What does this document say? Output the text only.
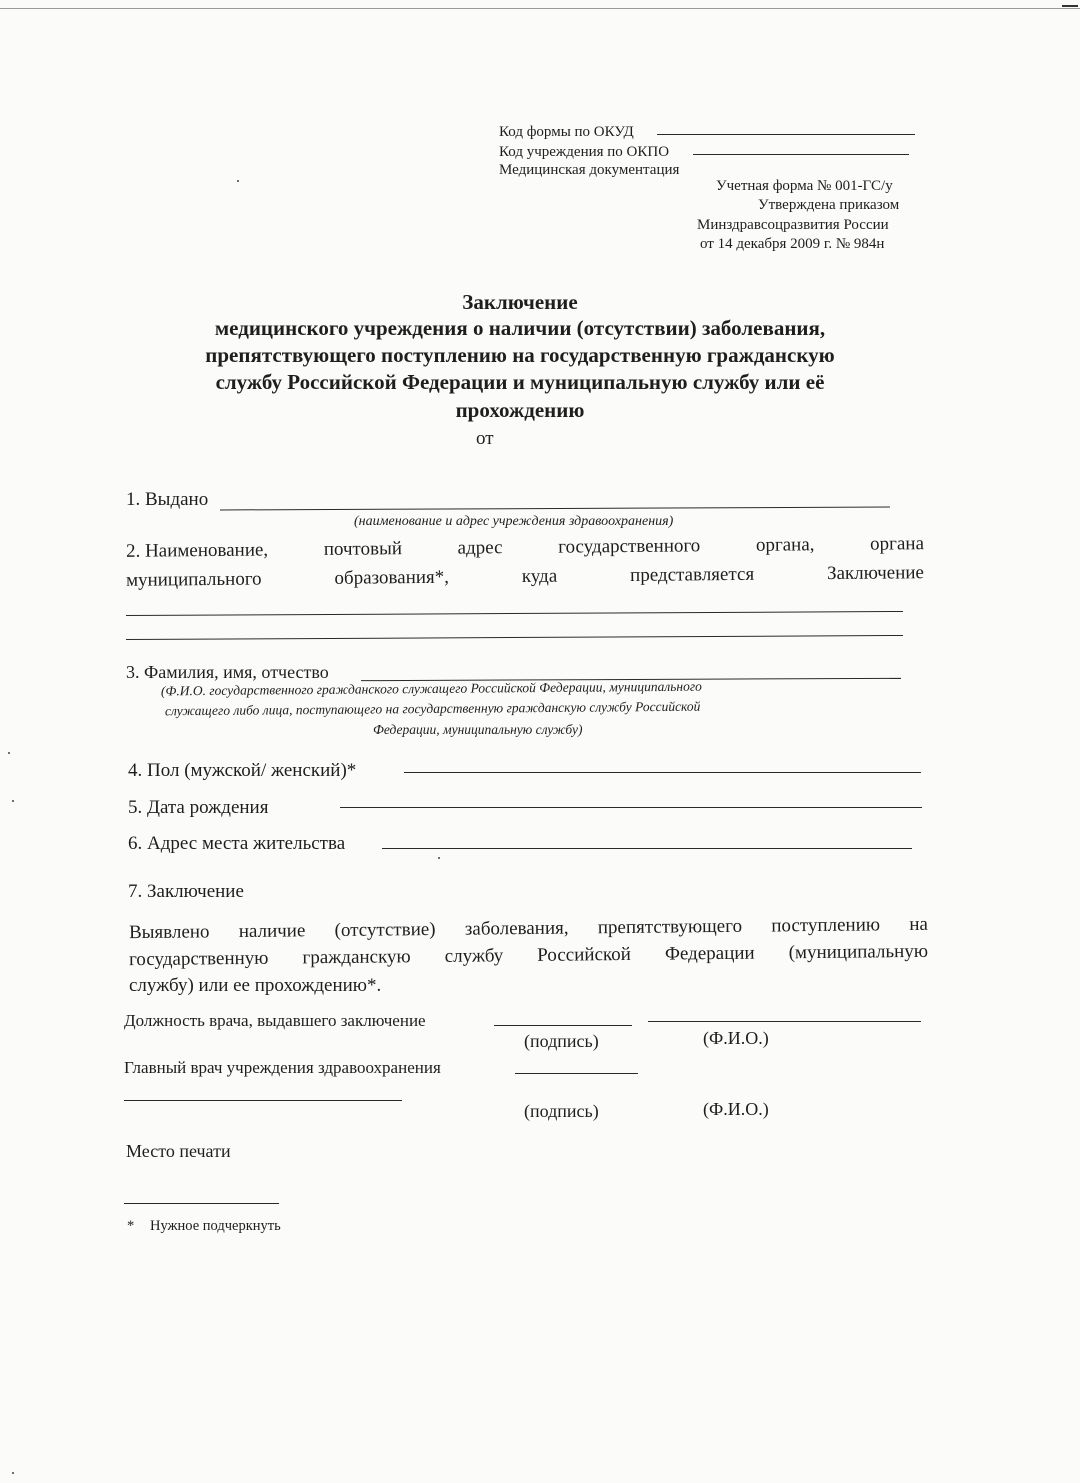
Код формы по ОКУД
Код учреждения по ОКПО
Медицинская документация
Учетная форма № 001-ГС/у
Утверждена приказом
Минздравсоцразвития России
от 14 декабря 2009 г. № 984н
Заключение
медицинского учреждения о наличии (отсутствии) заболевания,
препятствующего поступлению на государственную гражданскую
службу Российской Федерации и муниципальную службу или её
прохождению
от
1. Выдано
(наименование и адрес учреждения здравоохранения)
2. Наименование,	почтовый	адрес	государственного	органа,	органа
муниципального	образования*,	куда	представляется	Заключение
3. Фамилия, имя, отчество
(Ф.И.О. государственного гражданского служащего Российской Федерации, муниципального
служащего либо лица, поступающего на государственную гражданскую службу Российской
Федерации, муниципальную службу)
4. Пол (мужской/ женский)*
5. Дата рождения
6. Адрес места жительства
7. Заключение
Выявлено наличие (отсутствие) заболевания, препятствующего поступлению на
государственную гражданскую службу Российской Федерации (муниципальную
службу) или ее прохождению*.
Должность врача, выдавшего заключение
(подпись)	(Ф.И.О.)
Главный врач учреждения здравоохранения
(подпись)	(Ф.И.О.)
Место печати
* Нужное подчеркнуть
